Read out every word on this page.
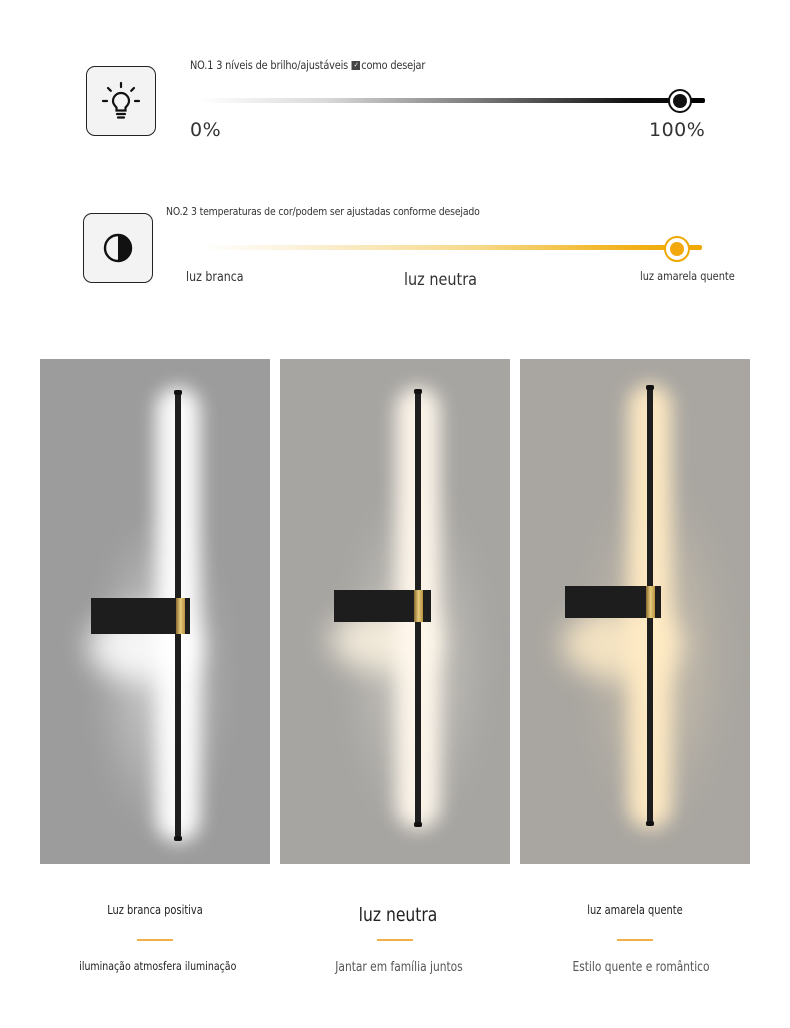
NO.1 3 níveis de brilho/ajustáveis ✓ como desejar
0%	100%
NO.2 3 temperaturas de cor/podem ser ajustadas conforme desejado
luz branca	luz neutra	luz amarela quente
Luz branca positiva
iluminação atmosfera iluminação
luz neutra
Jantar em família juntos
luz amarela quente
Estilo quente e romântico
